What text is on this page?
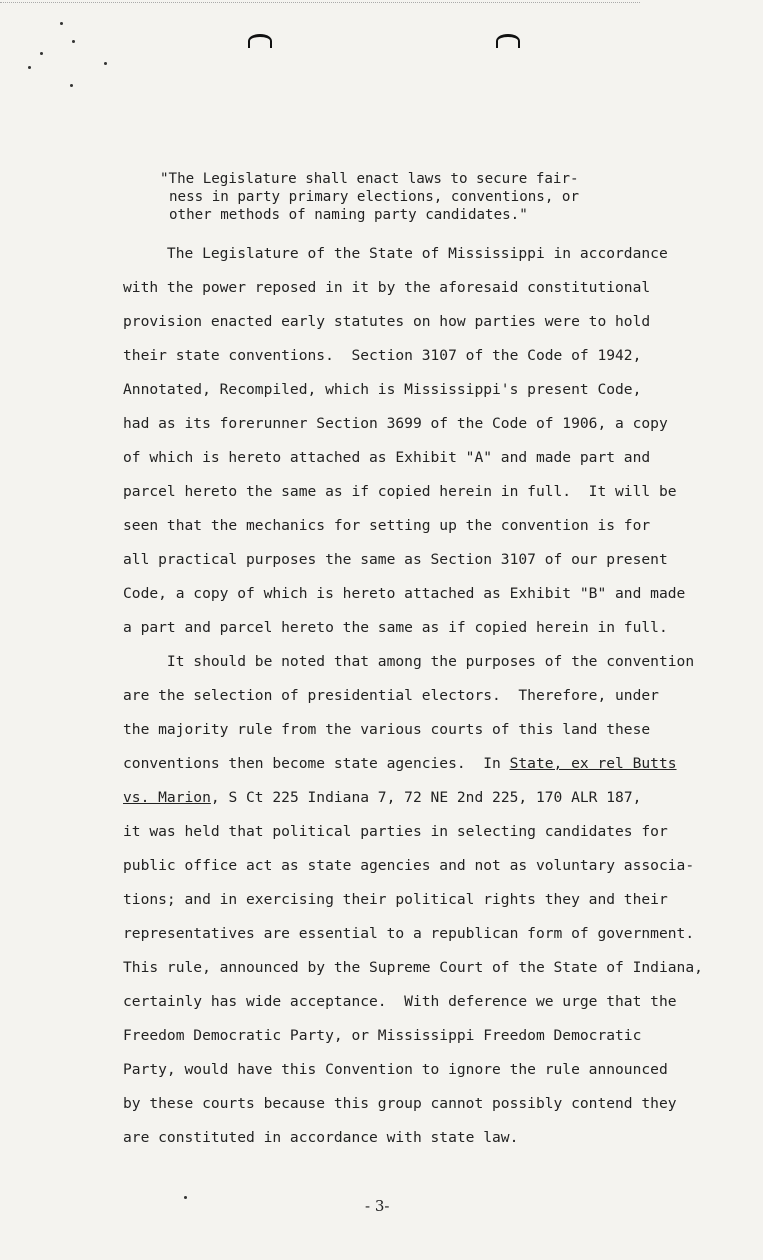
"The Legislature shall enact laws to secure fair-
ness in party primary elections, conventions, or
other methods of naming party candidates."
The Legislature of the State of Mississippi in accordance
with the power reposed in it by the aforesaid constitutional
provision enacted early statutes on how parties were to hold
their state conventions.  Section 3107 of the Code of 1942,
Annotated, Recompiled, which is Mississippi's present Code,
had as its forerunner Section 3699 of the Code of 1906, a copy
of which is hereto attached as Exhibit "A" and made part and
parcel hereto the same as if copied herein in full.  It will be
seen that the mechanics for setting up the convention is for
all practical purposes the same as Section 3107 of our present
Code, a copy of which is hereto attached as Exhibit "B" and made
a part and parcel hereto the same as if copied herein in full.
It should be noted that among the purposes of the convention
are the selection of presidential electors.  Therefore, under
the majority rule from the various courts of this land these
conventions then become state agencies.  In State, ex rel Butts
vs. Marion, S Ct 225 Indiana 7, 72 NE 2nd 225, 170 ALR 187,
it was held that political parties in selecting candidates for
public office act as state agencies and not as voluntary associa-
tions; and in exercising their political rights they and their
representatives are essential to a republican form of government.
This rule, announced by the Supreme Court of the State of Indiana,
certainly has wide acceptance.  With deference we urge that the
Freedom Democratic Party, or Mississippi Freedom Democratic
Party, would have this Convention to ignore the rule announced
by these courts because this group cannot possibly contend they
are constituted in accordance with state law.
- 3-
